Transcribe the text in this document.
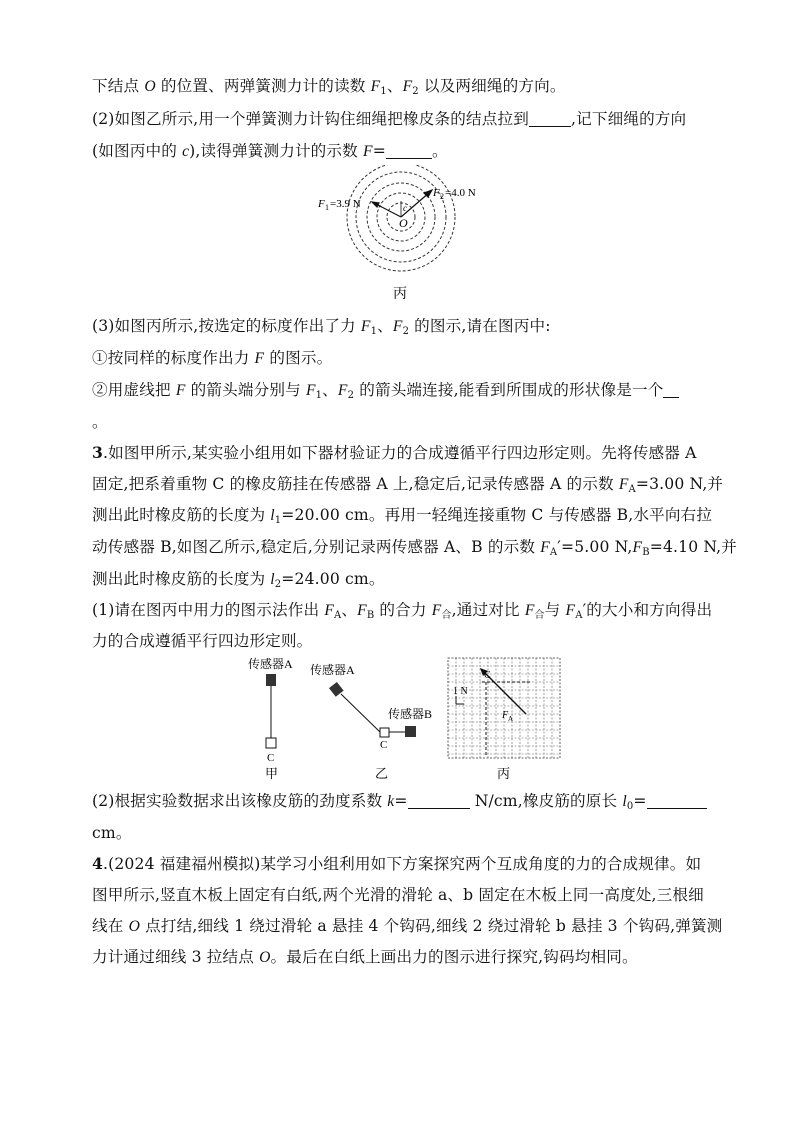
下结点 O 的位置、两弹簧测力计的读数 $F_1$、$F_2$ 以及两细绳的方向。
(2)如图乙所示,用一个弹簧测力计钩住细绳把橡皮条的结点拉到	,记下细绳的方向
(如图丙中的 c),读得弹簧测力计的示数 F=	。
F 1 =3.9 N
F 2 =4.0 N
c
O
丙
(3)如图丙所示,按选定的标度作出了力 $F_1$、$F_2$ 的图示,请在图丙中:
①按同样的标度作出力 F 的图示。
②用虚线把 F 的箭头端分别与 $F_1$、$F_2$ 的箭头端连接,能看到所围成的形状像是一个
。
3.如图甲所示,某实验小组用如下器材验证力的合成遵循平行四边形定则。先将传感器 A
固定,把系着重物 C 的橡皮筋挂在传感器 A 上,稳定后,记录传感器 A 的示数 $F_A=3.00$ N,并
测出此时橡皮筋的长度为 $l_1=20.00$ cm。再用一轻绳连接重物 C 与传感器 B,水平向右拉
动传感器 B,如图乙所示,稳定后,分别记录两传感器 A、B 的示数 $F_A'=5.00$ $N,F_B=4.10$ N,并
测出此时橡皮筋的长度为 $l_2=24.00$ cm。
(1)请在图丙中用力的图示法作出 $F_A$、$F_B$ 的合力 $F_合$,通过对比 $F_合$与 $F_A'$的大小和方向得出
力的合成遵循平行四边形定则。
传感器A
C
甲
传感器A
传感器B
C
乙
1 N
C
F A
丙
(2)根据实验数据求出该橡皮筋的劲度系数 k=	N/cm,橡皮筋的原长 $l_0=$
cm。
4.(2024 福建福州模拟)某学习小组利用如下方案探究两个互成角度的力的合成规律。如
图甲所示,竖直木板上固定有白纸,两个光滑的滑轮 a、b 固定在木板上同一高度处,三根细
线在 O 点打结,细线 1 绕过滑轮 a 悬挂 4 个钩码,细线 2 绕过滑轮 b 悬挂 3 个钩码,弹簧测
力计通过细线 3 拉结点 O。最后在白纸上画出力的图示进行探究,钩码均相同。
